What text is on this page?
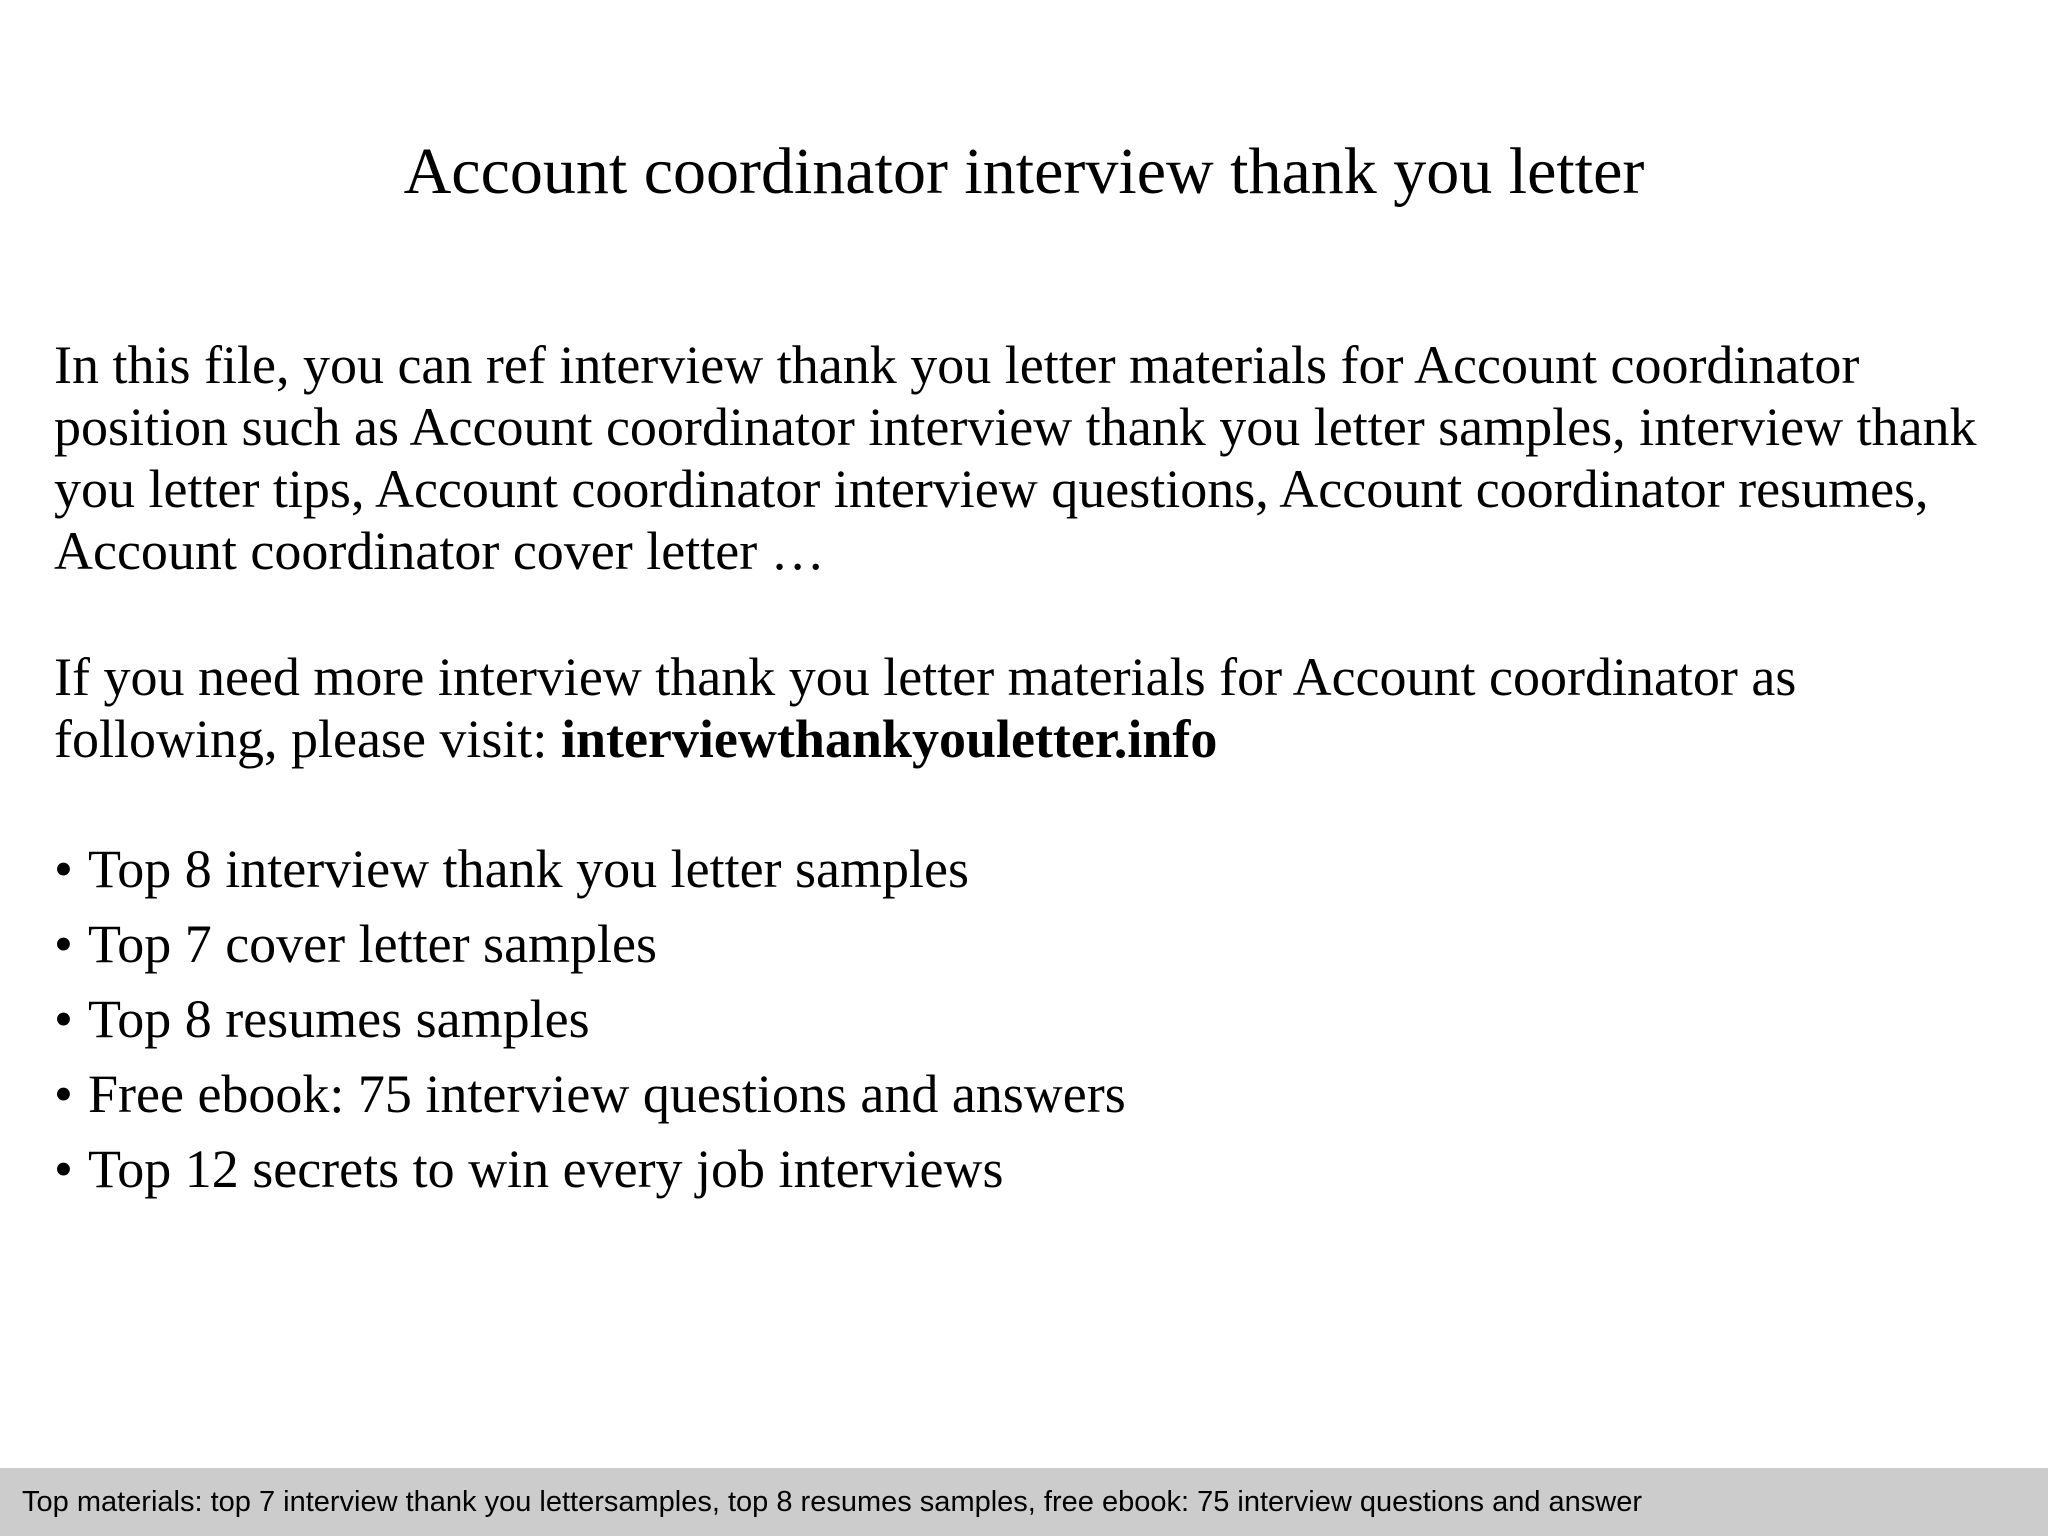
Account coordinator interview thank you letter

In this file, you can ref interview thank you letter materials for Account coordinator position such as Account coordinator interview thank you letter samples, interview thank you letter tips, Account coordinator interview questions, Account coordinator resumes, Account coordinator cover letter …

If you need more interview thank you letter materials for Account coordinator as following, please visit: interviewthankyouletter.info

• Top 8 interview thank you letter samples
• Top 7 cover letter samples
• Top 8 resumes samples
• Free ebook: 75 interview questions and answers
• Top 12 secrets to win every job interviews
Top materials: top 7 interview thank you lettersamples, top 8 resumes samples, free ebook: 75 interview questions and answer
